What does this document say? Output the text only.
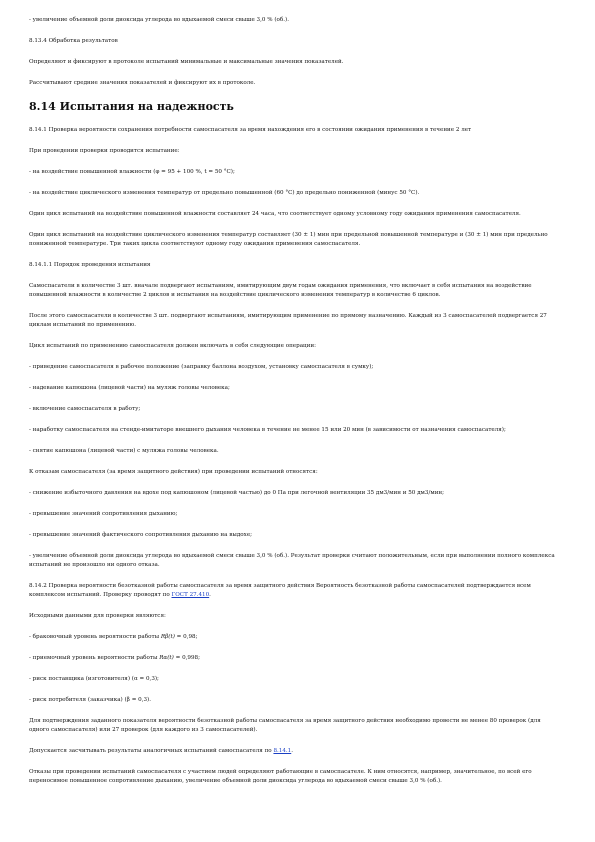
- увеличение объемной доли диоксида углерода во вдыхаемой смеси свыше 3,0 % (об.).

8.13.4 Обработка результатов

Определяют и фиксируют в протоколе испытаний минимальные и максимальные значения показателей.

Рассчитывают средние значения показателей и фиксируют их в протоколе.

8.14 Испытания на надежность

8.14.1 Проверка вероятности сохранения потребности самоспасателя за время нахождения его в состоянии ожидания применения в течение 2 лет

При проведении проверки проводится испытание:

- на воздействие повышенной влажности (φ = 95 + 100 %, t = 50 °С);

- на воздействие циклического изменения температур от предельно повышенной (60 °С) до предельно пониженной (минус 50 °С).

Один цикл испытаний на воздействие повышенной влажности составляет 24 часа, что соответствует одному условному году ожидания применения самоспасателя.

Один цикл испытаний на воздействие циклического изменения температур составляет (30 ± 1) мин при предельной повышенной температуре и (30 ± 1) мин при предельно пониженной температуре. Три таких цикла соответствуют одному году ожидания применения самоспасателя.

8.14.1.1 Порядок проведения испытания

Самоспасатели в количестве 3 шт. вначале подвергают испытаниям, имитирующим двум годам ожидания применения, что включает в себя испытания на воздействие повышенной влажности в количестве 2 циклов и испытания на воздействие циклического изменения температур в количестве 6 циклов.

После этого самоспасатели в количестве 3 шт. подвергают испытаниям, имитирующим применение по прямому назначению. Каждый из 3 самоспасателей подвергается 27 циклам испытаний по применению.

Цикл испытаний по применению самоспасателя должен включать в себя следующие операции:

- приведение самоспасателя в рабочее положение (заправку баллона воздухом, установку самоспасателя в сумку);

- надевание капюшона (лицевой части) на муляж головы человека;

- включение самоспасателя в работу;

- наработку самоспасателя на стенде-имитаторе внешнего дыхания человека в течение не менее 15 или 20 мин (в зависимости от назначения самоспасателя);

- снятие капюшона (лицевой части) с муляжа головы человека.

К отказам самоспасателя (за время защитного действия) при проведении испытаний относятся:

- снижение избыточного давления на вдохе под капюшоном (лицевой частью) до 0 Па при легочной вентиляции 35 дм3/мин и 50 дм3/мин;

- превышение значений сопротивления дыханию;

- превышение значений фактического сопротивления дыханию на выдохе;

- увеличение объемной доли диоксида углерода во вдыхаемой смеси свыше 3,0 % (об.). Результат проверки считают положительным, если при выполнении полного комплекса испытаний не произошло ни одного отказа.

8.14.2 Проверка вероятности безотказной работы самоспасателя за время защитного действия Вероятность безотказной работы самоспасателей подтверждается всем комплексом испытаний. Проверку проводят по ГОСТ 27.410.

Исходными данными для проверки являются:

- браковочный уровень вероятности работы Rβ(t) = 0,98;

- приемочный уровень вероятности работы Rα(t) = 0,998;

- риск поставщика (изготовителя) (α = 0,3);

- риск потребителя (заказчика) (β = 0,3).

Для подтверждения заданного показателя вероятности безотказной работы самоспасателя за время защитного действия необходимо провести не менее 80 проверок (для одного самоспасателя) или 27 проверок (для каждого из 3 самоспасателей).

Допускается засчитывать результаты аналогичных испытаний самоспасателя по 8.14.1.

Отказы при проведении испытаний самоспасателя с участием людей определяют работающие в самоспасателе. К ним относятся, например, значительное, по всей его переносимое повышенное сопротивление дыханию, увеличение объемной доли диоксида углерода во вдыхаемой смеси свыше 3,0 % (об.).
